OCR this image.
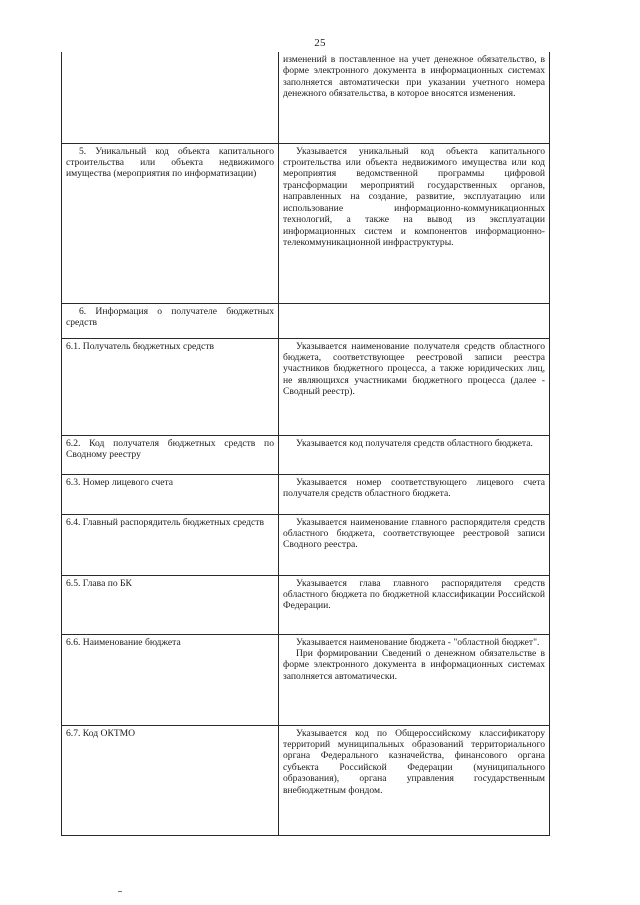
25

	изменений в поставленное на учет денежное обязательство, в форме электронного документа в информационных системах заполняется автоматически при указании учетного номера денежного обязательства, в которое вносятся изменения.

5. Уникальный код объекта капитального строительства или объекта недвижимого имущества (мероприятия по информатизации)	Указывается уникальный код объекта капитального строительства или объекта недвижимого имущества или код мероприятия ведомственной программы цифровой трансформации мероприятий государственных органов, направленных на создание, развитие, эксплуатацию или использование информационно-коммуникационных технологий, а также на вывод из эксплуатации информационных систем и компонентов информационно-телекоммуникационной инфраструктуры.

6. Информация о получателе бюджетных средств	

6.1. Получатель бюджетных средств	Указывается наименование получателя средств областного бюджета, соответствующее реестровой записи реестра участников бюджетного процесса, а также юридических лиц, не являющихся участниками бюджетного процесса (далее - Сводный реестр).

6.2. Код получателя бюджетных средств по Сводному реестру	Указывается код получателя средств областного бюджета.

6.3. Номер лицевого счета	Указывается номер соответствующего лицевого счета получателя средств областного бюджета.

6.4. Главный распорядитель бюджетных средств	Указывается наименование главного распорядителя средств областного бюджета, соответствующее реестровой записи Сводного реестра.

6.5. Глава по БК	Указывается глава главного распорядителя средств областного бюджета по бюджетной классификации Российской Федерации.

6.6. Наименование бюджета	Указывается наименование бюджета - "областной бюджет".
При формировании Сведений о денежном обязательстве в форме электронного документа в информационных системах заполняется автоматически.

6.7. Код ОКТМО	Указывается код по Общероссийскому классификатору территорий муниципальных образований территориального органа Федерального казначейства, финансового органа субъекта Российской Федерации (муниципального образования), органа управления государственным внебюджетным фондом.
